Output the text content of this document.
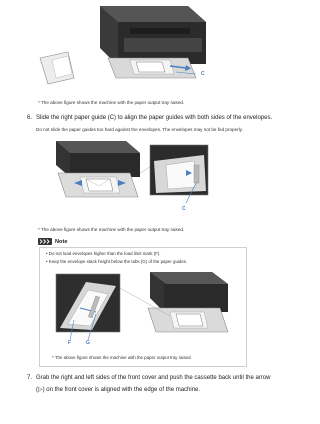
C
* The above figure shows the machine with the paper output tray raised.
6. Slide the right paper guide (C) to align the paper guides with both sides of the envelopes.
Do not slide the paper guides too hard against the envelopes. The envelopes may not be fed properly.
C
* The above figure shows the machine with the paper output tray raised.
Note
• Do not load envelopes higher than the load limit mark (F).
• Keep the envelope stack height below the tabs (G) of the paper guides.
F	G
* The above figure shows the machine with the paper output tray raised.
7. Grab the right and left sides of the front cover and push the cassette back until the arrow
(▷) on the front cover is aligned with the edge of the machine.
